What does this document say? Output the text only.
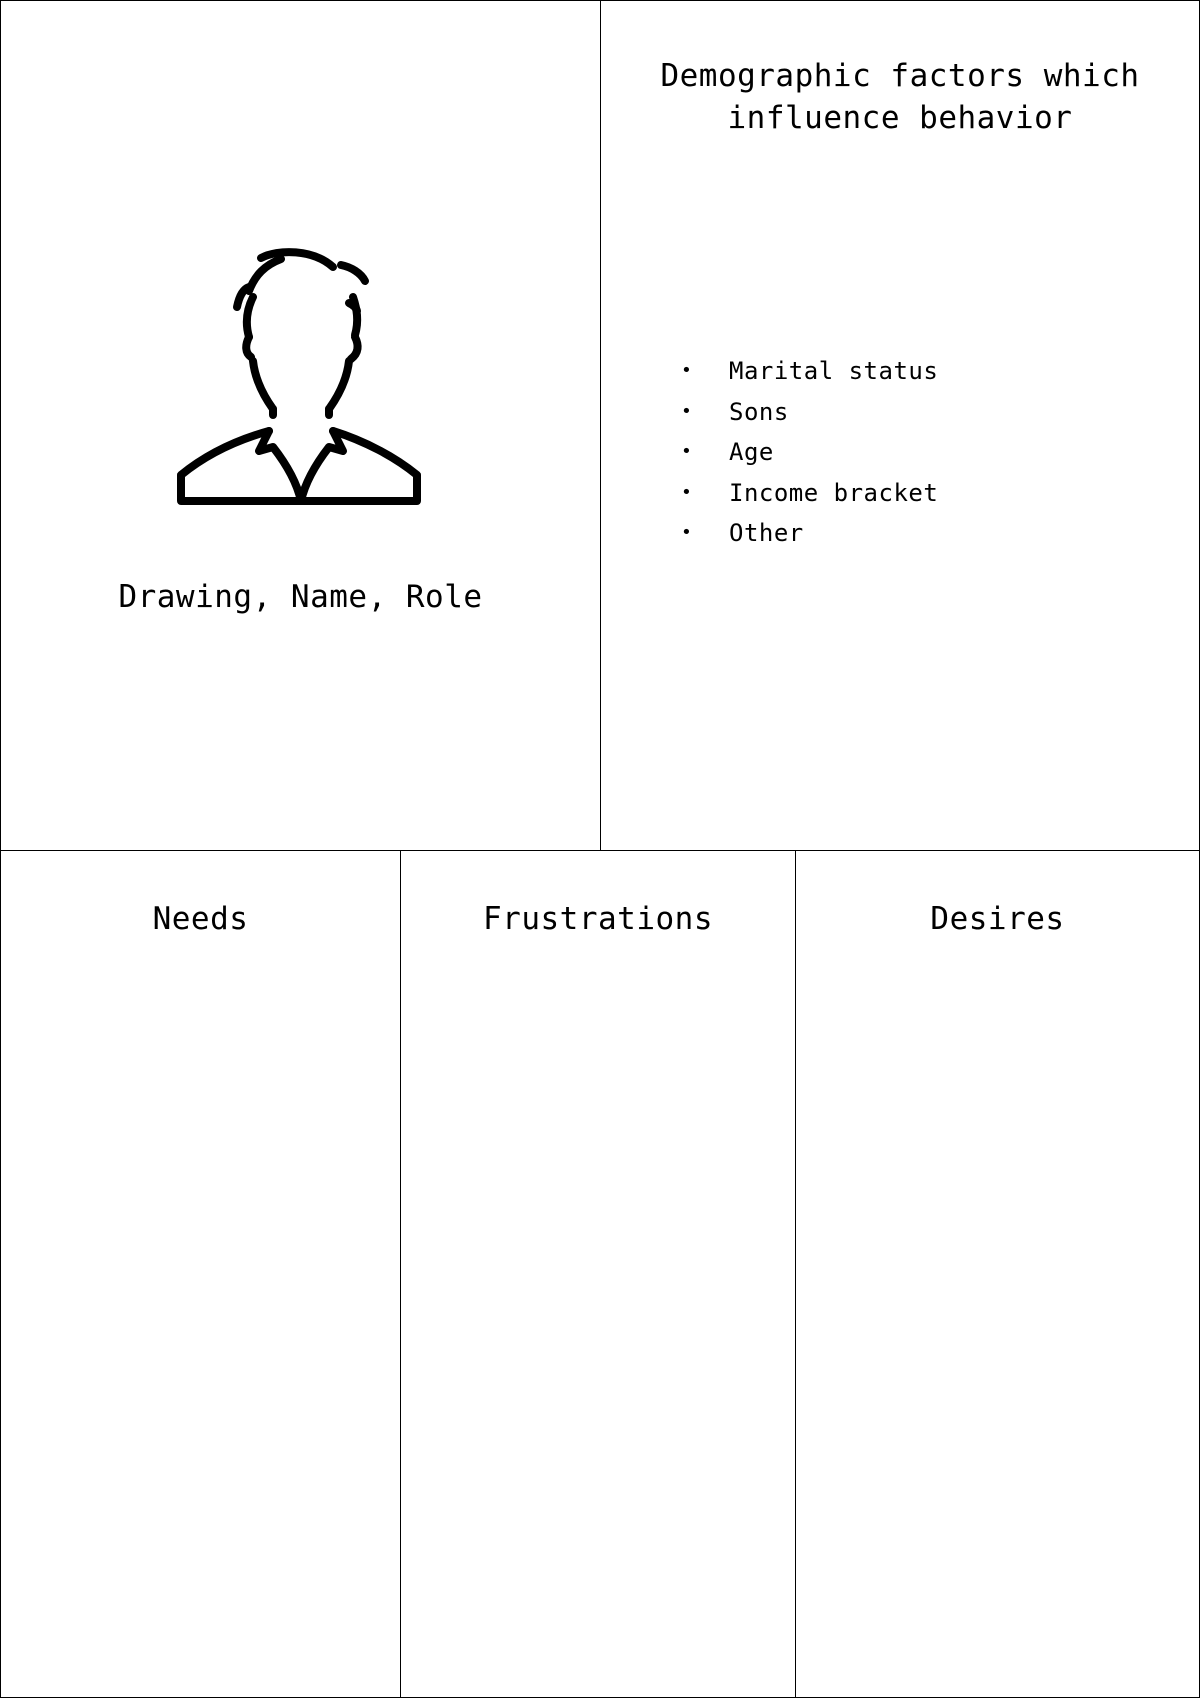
Drawing, Name, Role
Demographic factors which influence behavior
• Marital status
• Sons
• Age
• Income bracket
• Other
Needs	Frustrations	Desires
